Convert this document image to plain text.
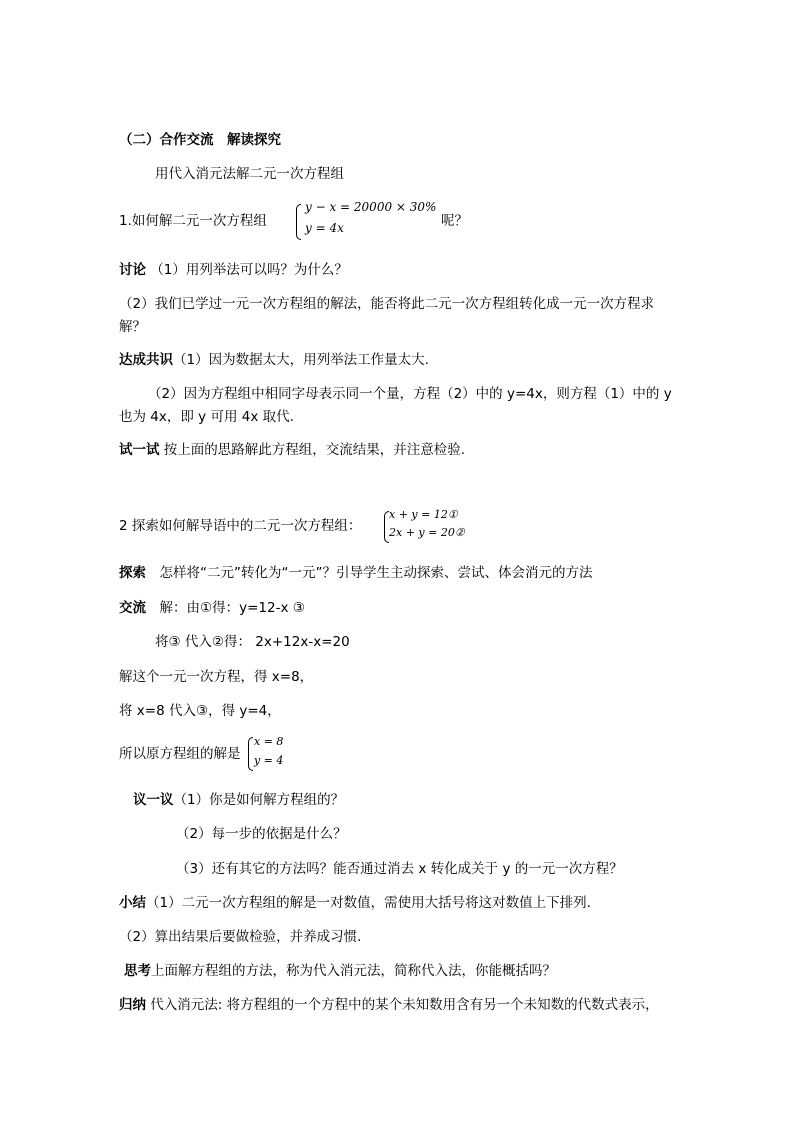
（二）合作交流　解读探究
用代入消元法解二元一次方程组
1.如何解二元一次方程组
y − x = 20000 × 30%
y = 4x	呢？
讨论 （1）用列举法可以吗？为什么？
（2）我们已学过一元一次方程组的解法，能否将此二元一次方程组转化成一元一次方程求
解？
达成共识（1）因为数据太大，用列举法工作量太大.
（2）因为方程组中相同字母表示同一个量，方程（2）中的 y=4x，则方程（1）中的 y
也为 4x，即 y 可用 4x 取代.
试一试 按上面的思路解此方程组，交流结果，并注意检验.
2 探索如何解导语中的二元一次方程组：
x + y = 12①
2x + y = 20②
探索　怎样将“二元”转化为“一元”？引导学生主动探索、尝试、体会消元的方法
交流　解：由①得：y=12-x ③
将③ 代入②得： 2x+12x-x=20
解这个一元一次方程，得 x=8，
将 x=8 代入③，得 y=4，
所以原方程组的解是
x = 8
y = 4
议一议（1）你是如何解方程组的？
（2）每一步的依据是什么？
（3）还有其它的方法吗？能否通过消去 x 转化成关于 y 的一元一次方程？
小结（1）二元一次方程组的解是一对数值，需使用大括号将这对数值上下排列.
（2）算出结果后要做检验，并养成习惯.
思考上面解方程组的方法，称为代入消元法，简称代入法，你能概括吗？
归纳 代入消元法: 将方程组的一个方程中的某个未知数用含有另一个未知数的代数式表示，
